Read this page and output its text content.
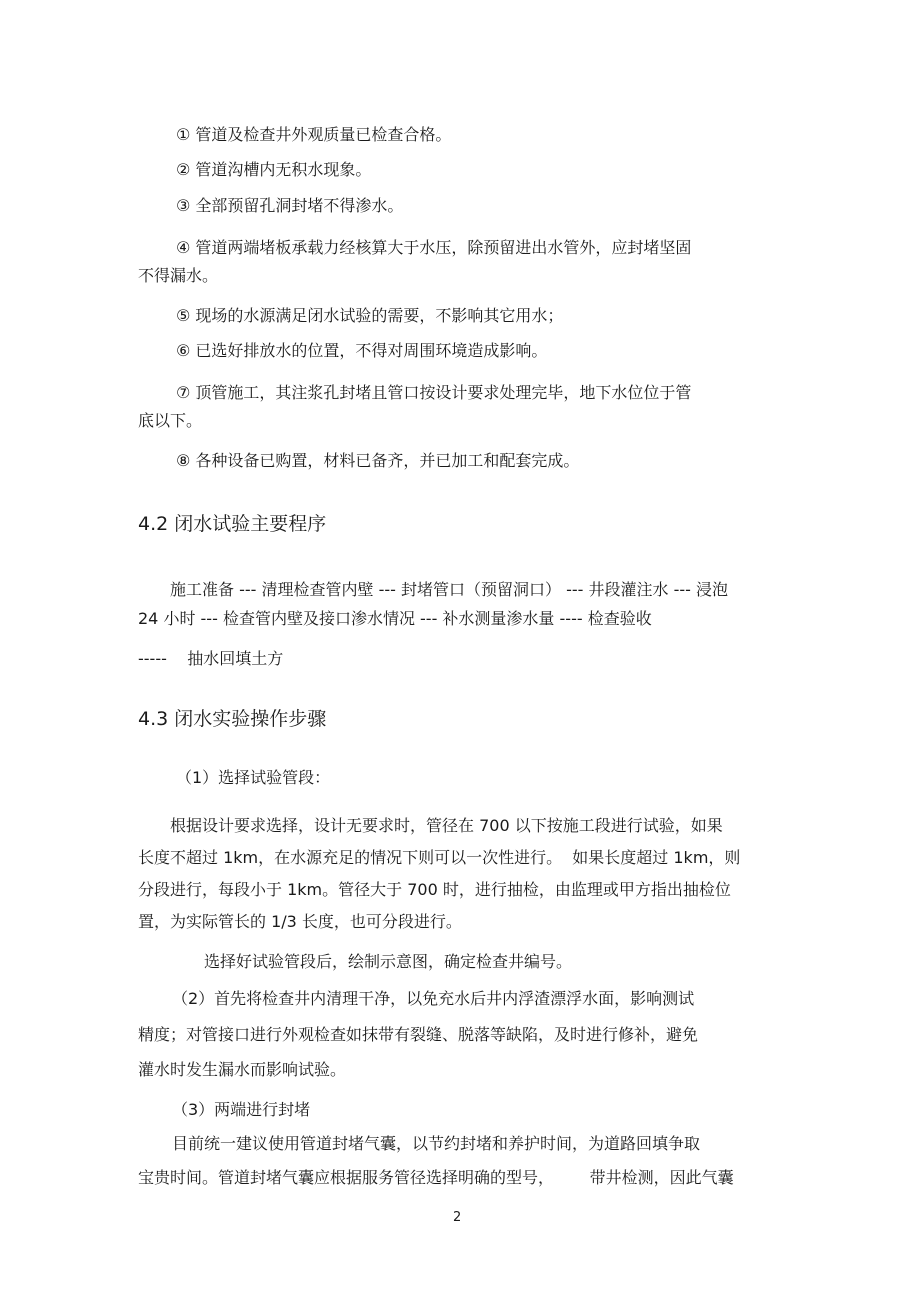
① 管道及检查井外观质量已检查合格。
② 管道沟槽内无积水现象。
③ 全部预留孔洞封堵不得渗水。
④ 管道两端堵板承载力经核算大于水压，除预留进出水管外，应封堵坚固
不得漏水。
⑤ 现场的水源满足闭水试验的需要，不影响其它用水；
⑥ 已选好排放水的位置，不得对周围环境造成影响。
⑦ 顶管施工，其注浆孔封堵且管口按设计要求处理完毕，地下水位位于管
底以下。
⑧ 各种设备已购置，材料已备齐，并已加工和配套完成。
4.2 闭水试验主要程序
施工准备 --- 清理检查管内壁 --- 封堵管口（预留洞口） --- 井段灌注水 --- 浸泡
24 小时 --- 检查管内壁及接口渗水情况 --- 补水测量渗水量 ---- 检查验收
-----    抽水回填土方
4.3 闭水实验操作步骤
（1）选择试验管段：
根据设计要求选择，设计无要求时，管径在 700 以下按施工段进行试验，如果
长度不超过 1km，在水源充足的情况下则可以一次性进行。  如果长度超过 1km，则
分段进行，每段小于 1km。管径大于 700 时，进行抽检，由监理或甲方指出抽检位
置，为实际管长的 1/3 长度，也可分段进行。
选择好试验管段后，绘制示意图，确定检查井编号。
（2）首先将检查井内清理干净，以免充水后井内浮渣漂浮水面，影响测试
精度；对管接口进行外观检查如抹带有裂缝、脱落等缺陷，及时进行修补，避免
灌水时发生漏水而影响试验。
（3）两端进行封堵
目前统一建议使用管道封堵气囊，以节约封堵和养护时间，为道路回填争取
宝贵时间。管道封堵气囊应根据服务管径选择明确的型号，       带井检测，因此气囊
2
